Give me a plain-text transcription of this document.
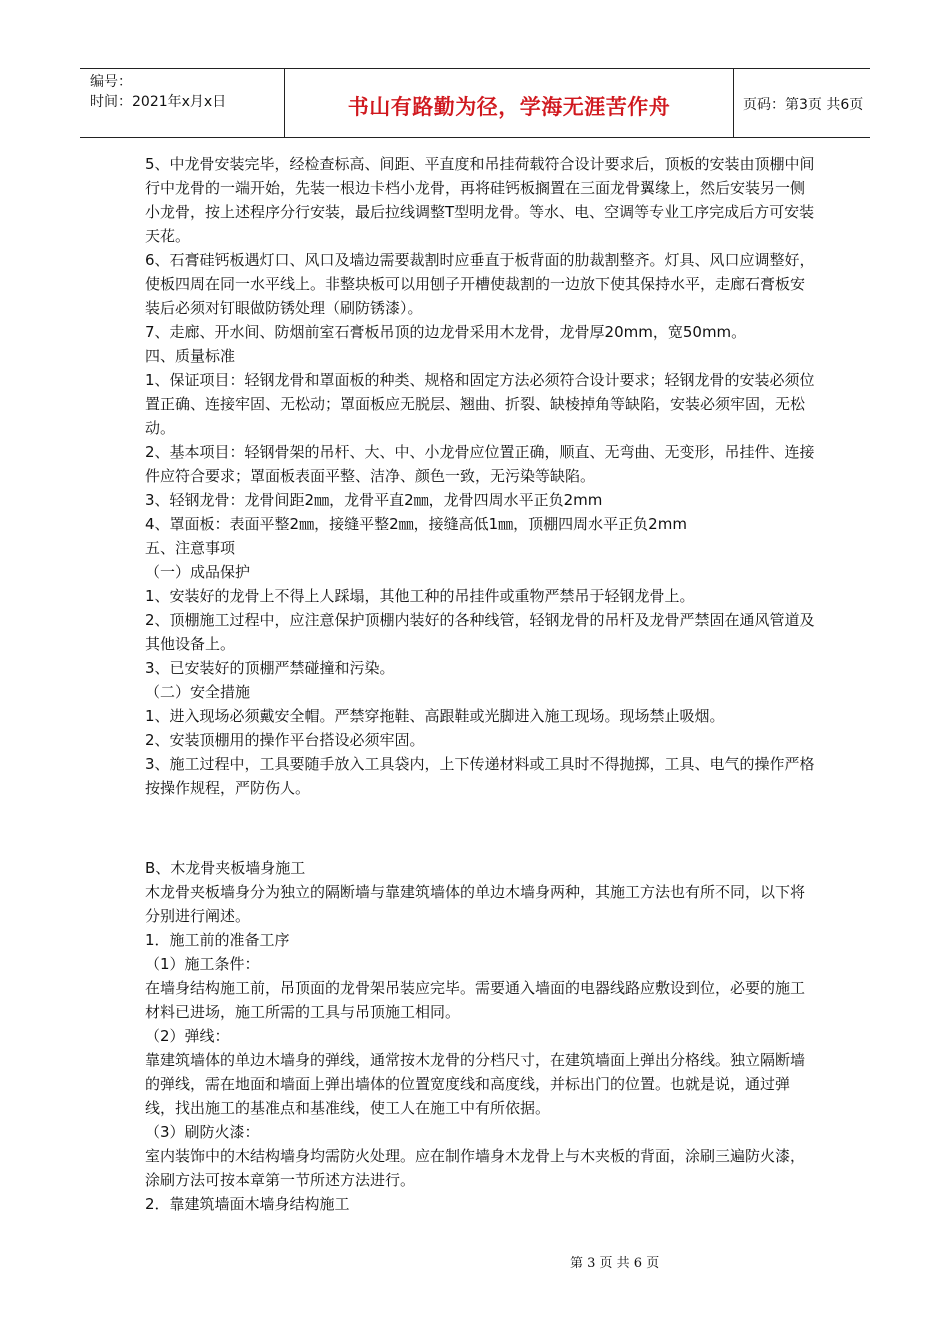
编号：
时间：2021年x月x日	书山有路勤为径，学海无涯苦作舟	页码：第3页 共6页

5、中龙骨安装完毕，经检查标高、间距、平直度和吊挂荷载符合设计要求后，顶板的安装由顶棚中间行中龙骨的一端开始，先装一根边卡档小龙骨，再将硅钙板搁置在三面龙骨翼缘上，然后安装另一侧小龙骨，按上述程序分行安装，最后拉线调整T型明龙骨。等水、电、空调等专业工序完成后方可安装天花。

6、石膏硅钙板遇灯口、风口及墙边需要裁割时应垂直于板背面的肋裁割整齐。灯具、风口应调整好，使板四周在同一水平线上。非整块板可以用刨子开槽使裁割的一边放下使其保持水平，走廊石膏板安装后必须对钉眼做防锈处理（刷防锈漆）。

7、走廊、开水间、防烟前室石膏板吊顶的边龙骨采用木龙骨，龙骨厚20mm，宽50mm。

四、质量标准

1、保证项目：轻钢龙骨和罩面板的种类、规格和固定方法必须符合设计要求；轻钢龙骨的安装必须位置正确、连接牢固、无松动；罩面板应无脱层、翘曲、折裂、缺棱掉角等缺陷，安装必须牢固，无松动。

2、基本项目：轻钢骨架的吊杆、大、中、小龙骨应位置正确，顺直、无弯曲、无变形，吊挂件、连接件应符合要求；罩面板表面平整、洁净、颜色一致，无污染等缺陷。

3、轻钢龙骨：龙骨间距2㎜，龙骨平直2㎜，龙骨四周水平正负2mm

4、罩面板：表面平整2㎜，接缝平整2㎜，接缝高低1㎜，顶棚四周水平正负2mm

五、注意事项

（一）成品保护

1、安装好的龙骨上不得上人踩塌，其他工种的吊挂件或重物严禁吊于轻钢龙骨上。

2、顶棚施工过程中，应注意保护顶棚内装好的各种线管，轻钢龙骨的吊杆及龙骨严禁固在通风管道及其他设备上。

3、已安装好的顶棚严禁碰撞和污染。

（二）安全措施

1、进入现场必须戴安全帽。严禁穿拖鞋、高跟鞋或光脚进入施工现场。现场禁止吸烟。

2、安装顶棚用的操作平台搭设必须牢固。

3、施工过程中，工具要随手放入工具袋内，上下传递材料或工具时不得抛掷，工具、电气的操作严格按操作规程，严防伤人。

B、木龙骨夹板墙身施工

木龙骨夹板墙身分为独立的隔断墙与靠建筑墙体的单边木墙身两种，其施工方法也有所不同，以下将分别进行阐述。

1．施工前的准备工序

（1）施工条件：

在墙身结构施工前，吊顶面的龙骨架吊装应完毕。需要通入墙面的电器线路应敷设到位，必要的施工材料已进场，施工所需的工具与吊顶施工相同。

（2）弹线：

靠建筑墙体的单边木墙身的弹线，通常按木龙骨的分档尺寸，在建筑墙面上弹出分格线。独立隔断墙的弹线，需在地面和墙面上弹出墙体的位置宽度线和高度线，并标出门的位置。也就是说，通过弹线，找出施工的基准点和基准线，使工人在施工中有所依据。

（3）刷防火漆：

室内装饰中的木结构墙身均需防火处理。应在制作墙身木龙骨上与木夹板的背面，涂刷三遍防火漆，涂刷方法可按本章第一节所述方法进行。

2．靠建筑墙面木墙身结构施工

第 3 页 共 6 页
